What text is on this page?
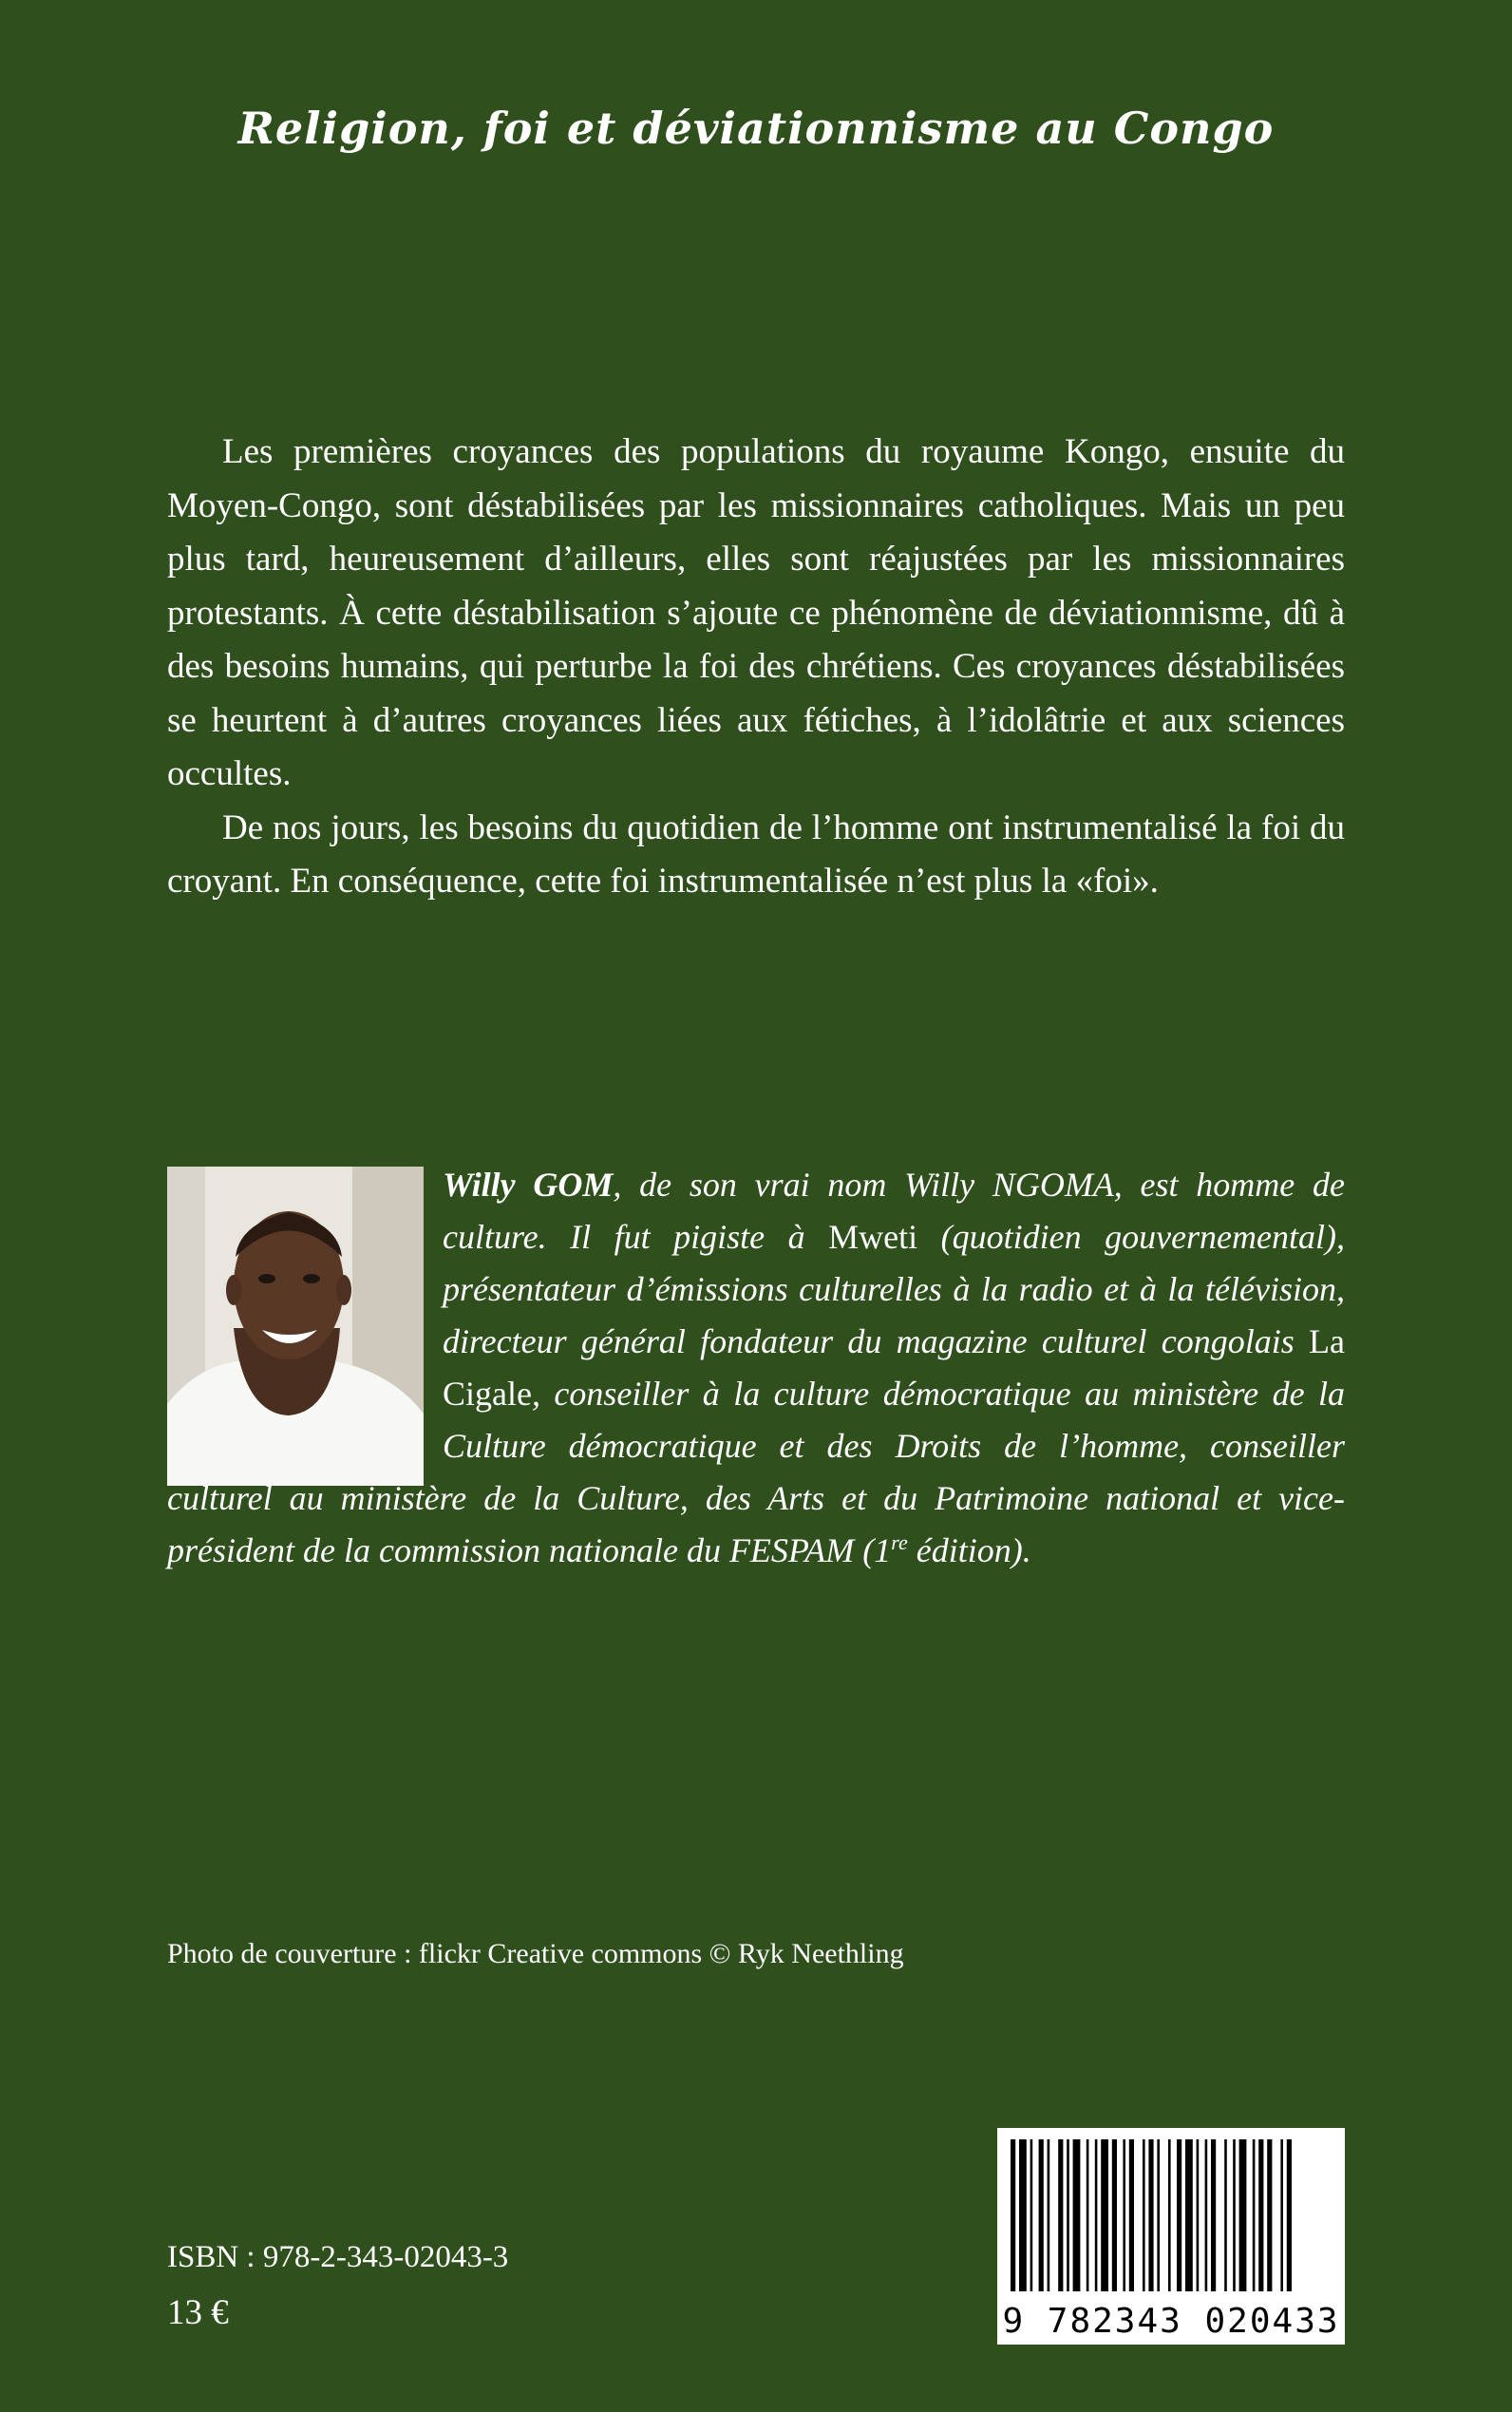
Religion, foi et déviationnisme au Congo

Les premières croyances des populations du royaume Kongo, ensuite du Moyen-Congo, sont déstabilisées par les missionnaires catholiques. Mais un peu plus tard, heureusement d’ailleurs, elles sont réajustées par les missionnaires protestants. À cette déstabilisation s’ajoute ce phénomène de déviationnisme, dû à des besoins humains, qui perturbe la foi des chrétiens. Ces croyances déstabilisées se heurtent à d’autres croyances liées aux fétiches, à l’idolâtrie et aux sciences occultes.

De nos jours, les besoins du quotidien de l’homme ont instrumentalisé la foi du croyant. En conséquence, cette foi instrumentalisée n’est plus la «foi».

Willy GOM, de son vrai nom Willy NGOMA, est homme de culture. Il fut pigiste à Mweti (quotidien gouvernemental), présentateur d’émissions culturelles à la radio et à la télévision, directeur général fondateur du magazine culturel congolais La Cigale, conseiller à la culture démocratique au ministère de la Culture démocratique et des Droits de l’homme, conseiller culturel au ministère de la Culture, des Arts et du Patrimoine national et vice-président de la commission nationale du FESPAM (1re édition).
Photo de couverture : flickr Creative commons © Ryk Neethling
ISBN : 978-2-343-02043-3
13 €	9 782343 020433
